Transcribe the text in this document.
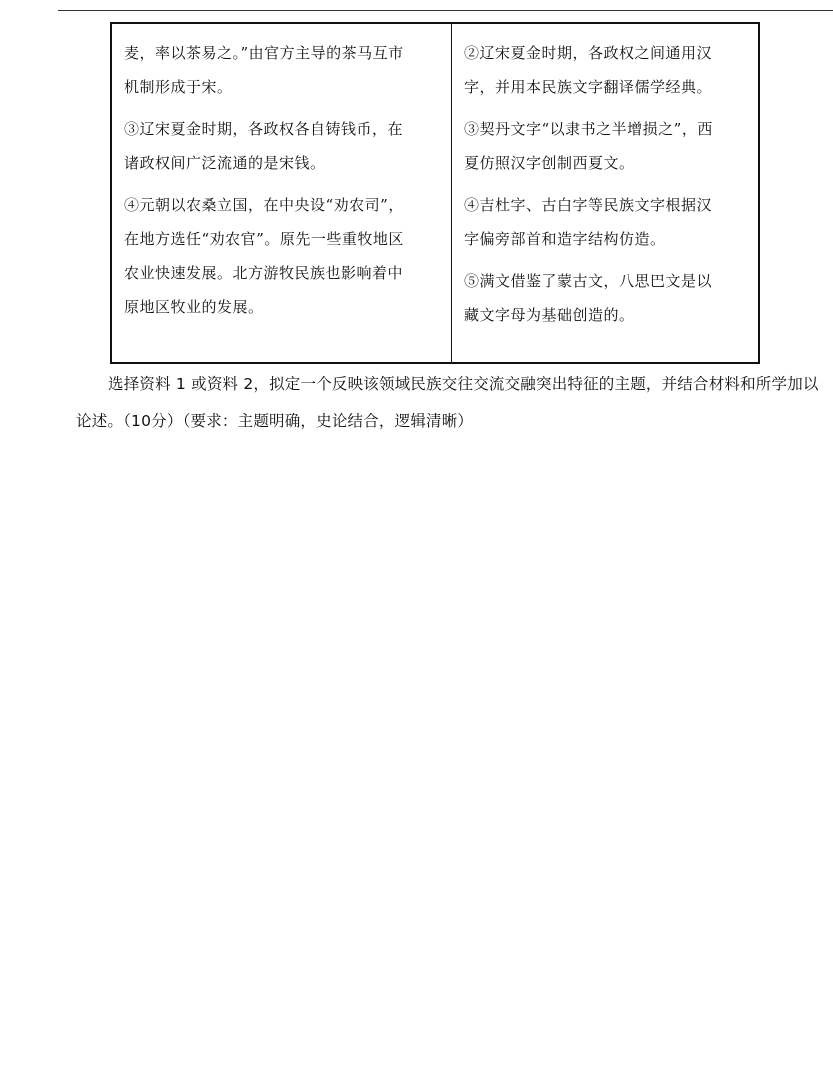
麦，率以茶易之。”由官方主导的茶马互市
机制形成于宋。

③辽宋夏金时期，各政权各自铸钱币，在
诸政权间广泛流通的是宋钱。

④元朝以农桑立国，在中央设“劝农司”，
在地方选任“劝农官”。原先一些重牧地区
农业快速发展。北方游牧民族也影响着中
原地区牧业的发展。

②辽宋夏金时期，各政权之间通用汉
字，并用本民族文字翻译儒学经典。

③契丹文字“以隶书之半增损之”，西
夏仿照汉字创制西夏文。

④吉杜字、古白字等民族文字根据汉
字偏旁部首和造字结构仿造。

⑤满文借鉴了蒙古文，八思巴文是以
藏文字母为基础创造的。

选择资料 1 或资料 2，拟定一个反映该领域民族交往交流交融突出特征的主题，并结合材料和所学加以论述。（10分）（要求：主题明确，史论结合，逻辑清晰）
